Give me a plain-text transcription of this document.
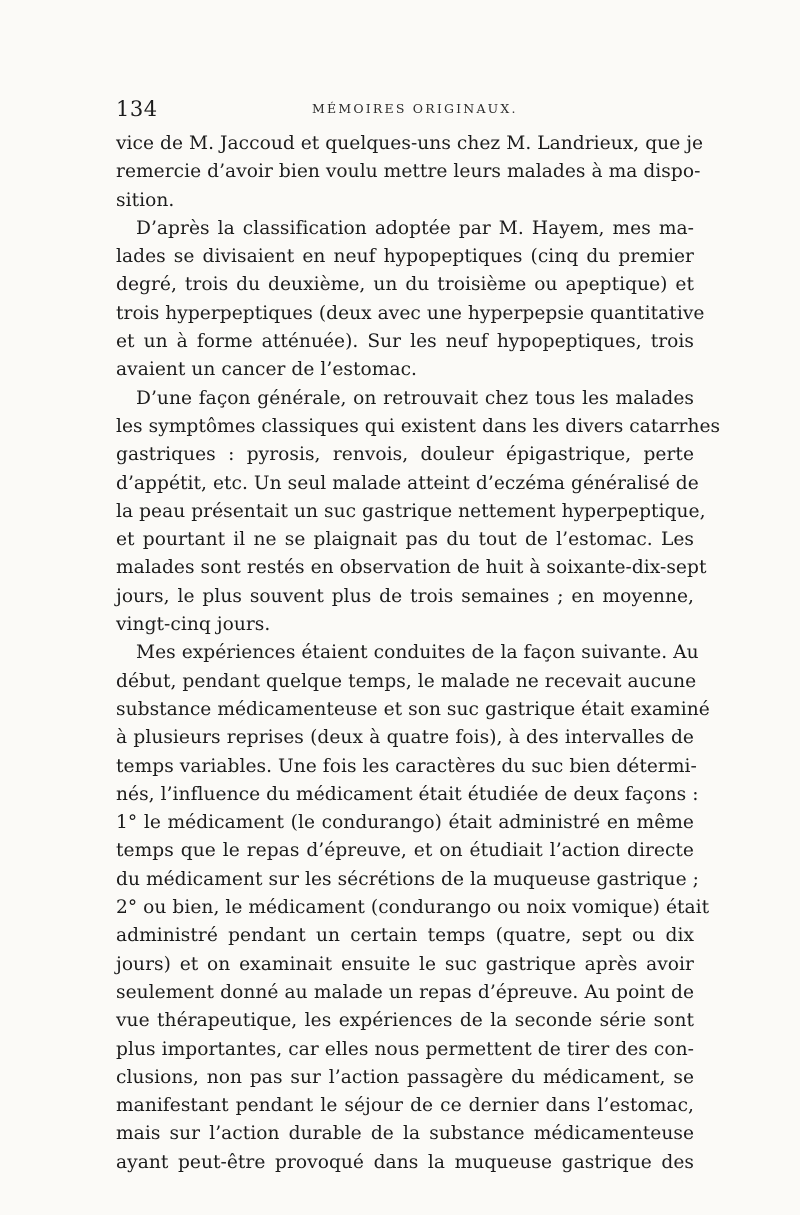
134	MÉMOIRES ORIGINAUX.
vice de M. Jaccoud et quelques-uns chez M. Landrieux, que je
remercie d’avoir bien voulu mettre leurs malades à ma dispo-
sition.
D’après la classification adoptée par M. Hayem, mes ma-
lades se divisaient en neuf hypopeptiques (cinq du premier
degré, trois du deuxième, un du troisième ou apeptique) et
trois hyperpeptiques (deux avec une hyperpepsie quantitative
et un à forme atténuée). Sur les neuf hypopeptiques, trois
avaient un cancer de l’estomac.
D’une façon générale, on retrouvait chez tous les malades
les symptômes classiques qui existent dans les divers catarrhes
gastriques : pyrosis, renvois, douleur épigastrique, perte
d’appétit, etc. Un seul malade atteint d’eczéma généralisé de
la peau présentait un suc gastrique nettement hyperpeptique,
et pourtant il ne se plaignait pas du tout de l’estomac. Les
malades sont restés en observation de huit à soixante-dix-sept
jours, le plus souvent plus de trois semaines ; en moyenne,
vingt-cinq jours.
Mes expériences étaient conduites de la façon suivante. Au
début, pendant quelque temps, le malade ne recevait aucune
substance médicamenteuse et son suc gastrique était examiné
à plusieurs reprises (deux à quatre fois), à des intervalles de
temps variables. Une fois les caractères du suc bien détermi-
nés, l’influence du médicament était étudiée de deux façons :
1° le médicament (le condurango) était administré en même
temps que le repas d’épreuve, et on étudiait l’action directe
du médicament sur les sécrétions de la muqueuse gastrique ;
2° ou bien, le médicament (condurango ou noix vomique) était
administré pendant un certain temps (quatre, sept ou dix
jours) et on examinait ensuite le suc gastrique après avoir
seulement donné au malade un repas d’épreuve. Au point de
vue thérapeutique, les expériences de la seconde série sont
plus importantes, car elles nous permettent de tirer des con-
clusions, non pas sur l’action passagère du médicament, se
manifestant pendant le séjour de ce dernier dans l’estomac,
mais sur l’action durable de la substance médicamenteuse
ayant peut-être provoqué dans la muqueuse gastrique des
